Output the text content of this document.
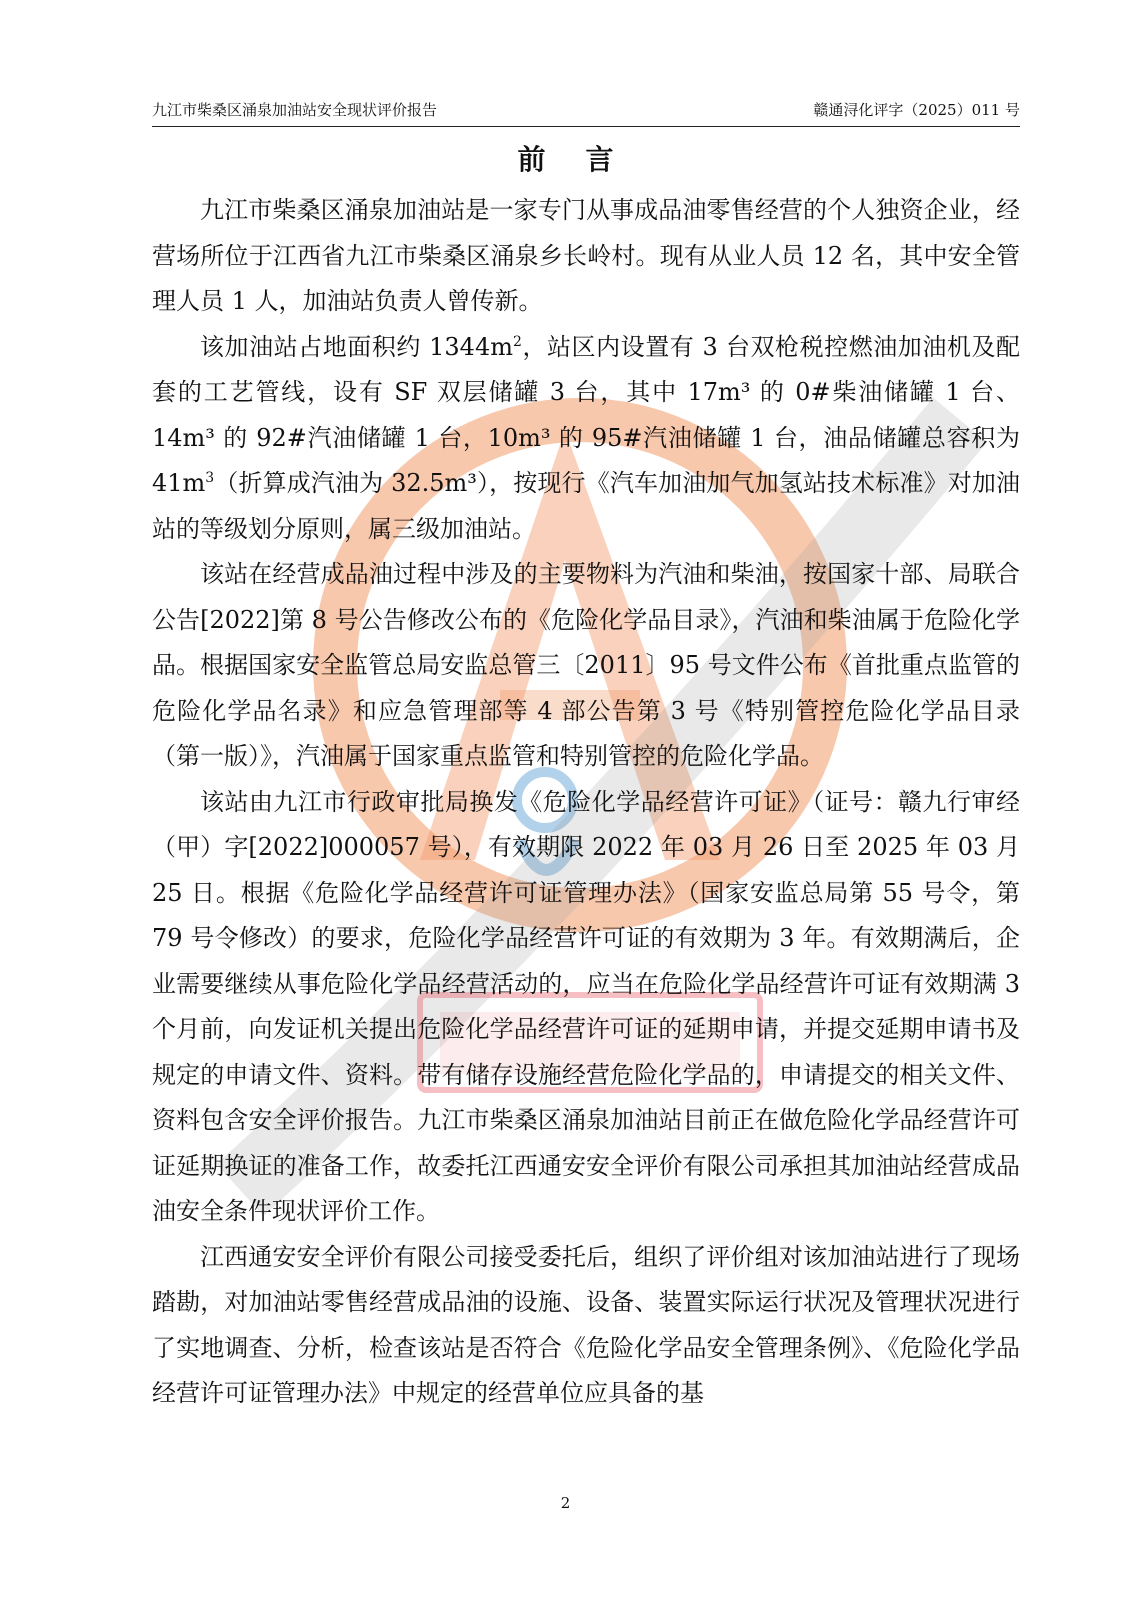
九江市柴桑区涌泉加油站安全现状评价报告	赣通浔化评字（2025）011 号
前言

九江市柴桑区涌泉加油站是一家专门从事成品油零售经营的个人独资企业，经营场所位于江西省九江市柴桑区涌泉乡长岭村。现有从业人员 12 名，其中安全管理人员 1 人，加油站负责人曾传新。

该加油站占地面积约 $1344m^2$，站区内设置有 3 台双枪税控燃油加油机及配套的工艺管线，设有 SF 双层储罐 3 台，其中 17m³ 的 0#柴油储罐 1 台、14m³ 的 92#汽油储罐 1 台，10m³ 的 95#汽油储罐 1 台，油品储罐总容积为 $41m^3$（折算成汽油为 32.5m³），按现行《汽车加油加气加氢站技术标准》对加油站的等级划分原则，属三级加油站。

该站在经营成品油过程中涉及的主要物料为汽油和柴油，按国家十部、局联合公告[2022]第 8 号公告修改公布的《危险化学品目录》，汽油和柴油属于危险化学品。根据国家安全监管总局安监总管三〔2011〕95 号文件公布《首批重点监管的危险化学品名录》和应急管理部等 4 部公告第 3 号《特别管控危险化学品目录（第一版）》，汽油属于国家重点监管和特别管控的危险化学品。

该站由九江市行政审批局换发《危险化学品经营许可证》（证号：赣九行审经（甲）字[2022]000057 号），有效期限 2022 年 03 月 26 日至 2025 年 03 月 25 日。根据《危险化学品经营许可证管理办法》（国家安监总局第 55 号令，第 79 号令修改）的要求，危险化学品经营许可证的有效期为 3 年。有效期满后，企业需要继续从事危险化学品经营活动的，应当在危险化学品经营许可证有效期满 3 个月前，向发证机关提出危险化学品经营许可证的延期申请，并提交延期申请书及规定的申请文件、资料。带有储存设施经营危险化学品的，申请提交的相关文件、资料包含安全评价报告。九江市柴桑区涌泉加油站目前正在做危险化学品经营许可证延期换证的准备工作，故委托江西通安安全评价有限公司承担其加油站经营成品油安全条件现状评价工作。

江西通安安全评价有限公司接受委托后，组织了评价组对该加油站进行了现场踏勘，对加油站零售经营成品油的设施、设备、装置实际运行状况及管理状况进行了实地调查、分析，检查该站是否符合《危险化学品安全管理条例》、《危险化学品经营许可证管理办法》中规定的经营单位应具备的基

2
